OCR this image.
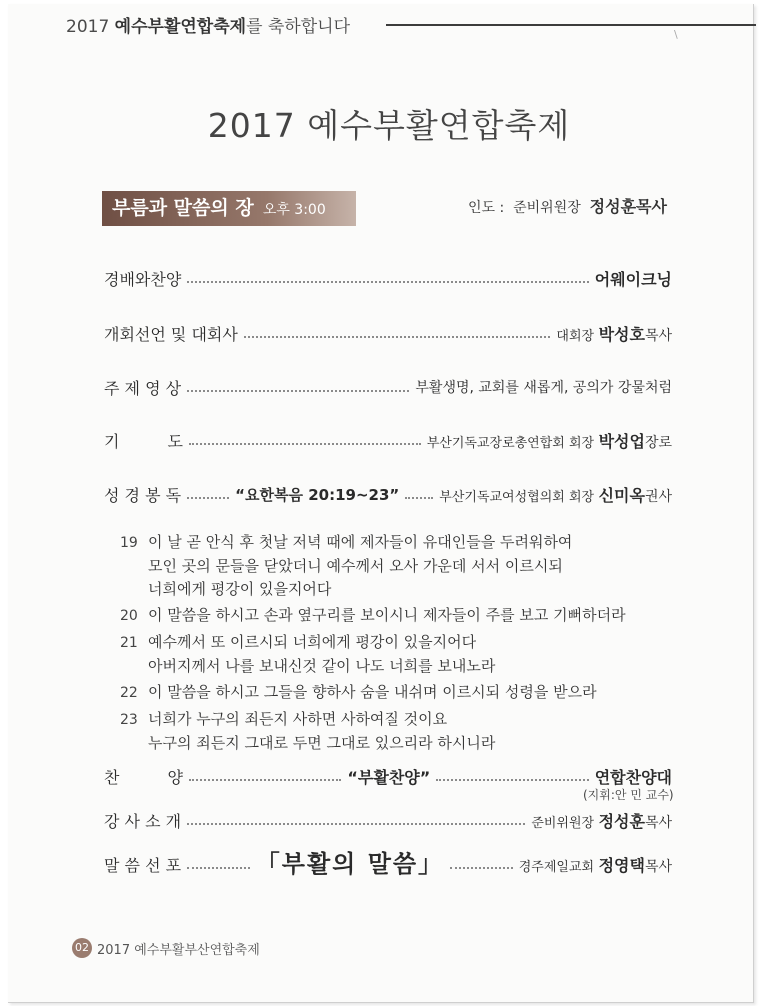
2017 예수부활연합축제를 축하합니다	\
2017 예수부활연합축제
부름과 말씀의 장 오후 3:00	인도 : 준비위원장 정성훈목사
경배와찬양	어웨이크닝
개회선언 및 대회사	대회장 박성호목사
주 제 영 상	부활생명, 교회를 새롭게, 공의가 강물처럼
기　　　도	부산기독교장로총연합회 회장 박성업장로
성 경 봉 독	“요한복음 20:19~23”	부산기독교여성협의회 회장 신미옥권사
19 이 날 곧 안식 후 첫날 저녁 때에 제자들이 유대인들을 두려워하여
모인 곳의 문들을 닫았더니 예수께서 오사 가운데 서서 이르시되
너희에게 평강이 있을지어다
20 이 말씀을 하시고 손과 옆구리를 보이시니 제자들이 주를 보고 기뻐하더라
21 예수께서 또 이르시되 너희에게 평강이 있을지어다
아버지께서 나를 보내신것 같이 나도 너희를 보내노라
22 이 말씀을 하시고 그들을 향하사 숨을 내쉬며 이르시되 성령을 받으라
23 너희가 누구의 죄든지 사하면 사하여질 것이요
누구의 죄든지 그대로 두면 그대로 있으리라 하시니라
찬　　　양	“부활찬양”	연합찬양대
(지휘:안 민 교수)
강 사 소 개	준비위원장 정성훈목사
말 씀 선 포	「부활의 말씀」	경주제일교회 정영택목사
02 2017 예수부활부산연합축제
